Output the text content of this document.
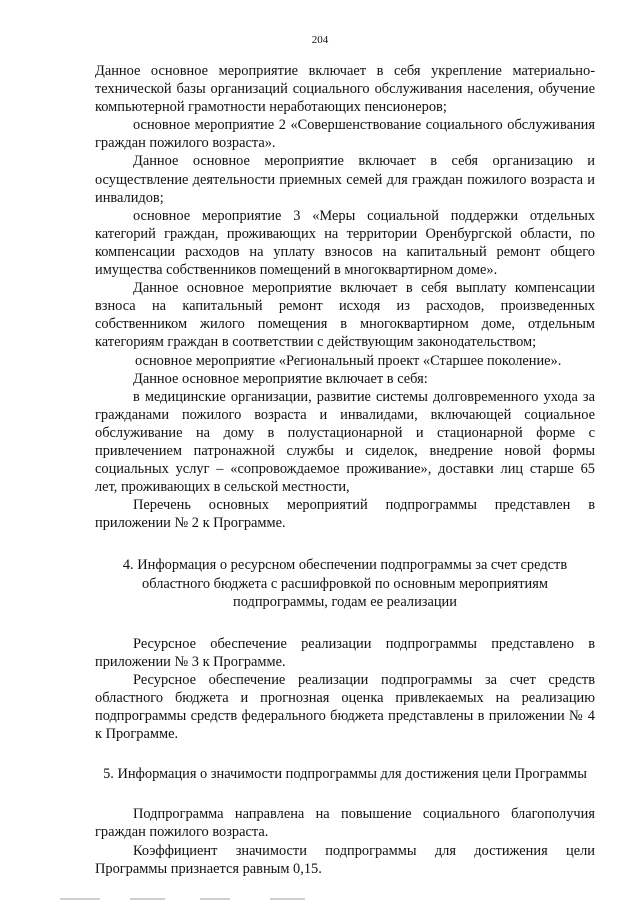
204

Данное основное мероприятие включает в себя укрепление материально-технической базы организаций социального обслуживания населения, обучение компьютерной грамотности неработающих пенсионеров;

основное мероприятие 2 «Совершенствование социального обслуживания граждан пожилого возраста».

Данное основное мероприятие включает в себя организацию и осуществление деятельности приемных семей для граждан пожилого возраста и инвалидов;

основное мероприятие 3 «Меры социальной поддержки отдельных категорий граждан, проживающих на территории Оренбургской области, по компенсации расходов на уплату взносов на капитальный ремонт общего имущества собственников помещений в многоквартирном доме».

Данное основное мероприятие включает в себя выплату компенсации взноса на капитальный ремонт исходя из расходов, произведенных собственником жилого помещения в многоквартирном доме, отдельным категориям граждан в соответствии с действующим законодательством;

основное мероприятие «Региональный проект «Старшее поколение».

Данное основное мероприятие включает в себя:

в медицинские организации, развитие системы долговременного ухода за гражданами пожилого возраста и инвалидами, включающей социальное обслуживание на дому в полустационарной и стационарной форме с привлечением патронажной службы и сиделок, внедрение новой формы социальных услуг – «сопровождаемое проживание», доставки лиц старше 65 лет, проживающих в сельской местности,

Перечень основных мероприятий подпрограммы представлен в приложении № 2 к Программе.

4. Информация о ресурсном обеспечении подпрограммы за счет средств областного бюджета с расшифровкой по основным мероприятиям подпрограммы, годам ее реализации

Ресурсное обеспечение реализации подпрограммы представлено в приложении № 3 к Программе.

Ресурсное обеспечение реализации подпрограммы за счет средств областного бюджета и прогнозная оценка привлекаемых на реализацию подпрограммы средств федерального бюджета представлены в приложении № 4 к Программе.

5. Информация о значимости подпрограммы для достижения цели Программы

Подпрограмма направлена на повышение социального благополучия граждан пожилого возраста.

Коэффициент значимости подпрограммы для достижения цели Программы признается равным 0,15.
